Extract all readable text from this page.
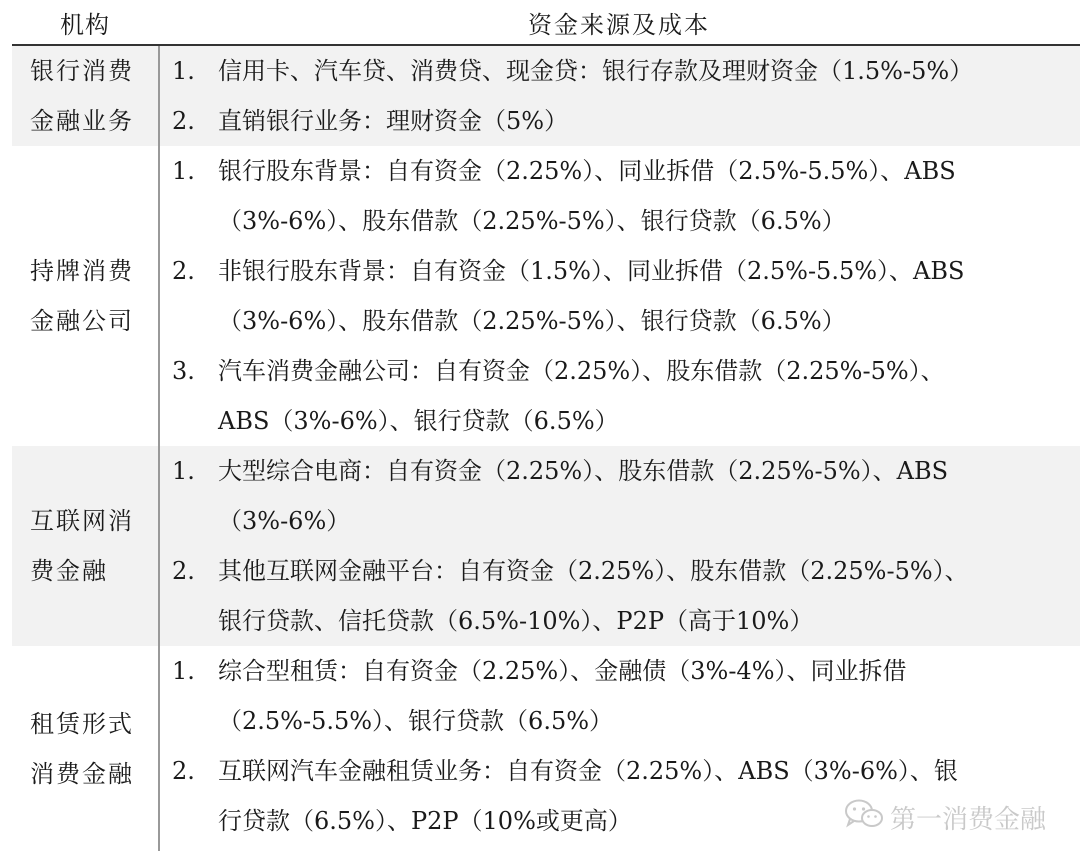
机构	资金来源及成本
银行消费
金融业务
1. 信用卡、汽车贷、消费贷、现金贷：银行存款及理财资金（1.5%-5%）
2. 直销银行业务：理财资金（5%）
持牌消费
金融公司
1. 银行股东背景：自有资金（2.25%）、同业拆借（2.5%-5.5%）、ABS
（3%-6%）、股东借款（2.25%-5%）、银行贷款（6.5%）
2. 非银行股东背景：自有资金（1.5%）、同业拆借（2.5%-5.5%）、ABS
（3%-6%）、股东借款（2.25%-5%）、银行贷款（6.5%）
3. 汽车消费金融公司：自有资金（2.25%）、股东借款（2.25%-5%）、
ABS（3%-6%）、银行贷款（6.5%）
互联网消
费金融
1. 大型综合电商：自有资金（2.25%）、股东借款（2.25%-5%）、ABS
（3%-6%）
2. 其他互联网金融平台：自有资金（2.25%）、股东借款（2.25%-5%）、
银行贷款、信托贷款（6.5%-10%）、P2P（高于10%）
租赁形式
消费金融
1. 综合型租赁：自有资金（2.25%）、金融债（3%-4%）、同业拆借
（2.5%-5.5%）、银行贷款（6.5%）
2. 互联网汽车金融租赁业务：自有资金（2.25%）、ABS（3%-6%）、银
行贷款（6.5%）、P2P（10%或更高）	第一消费金融
